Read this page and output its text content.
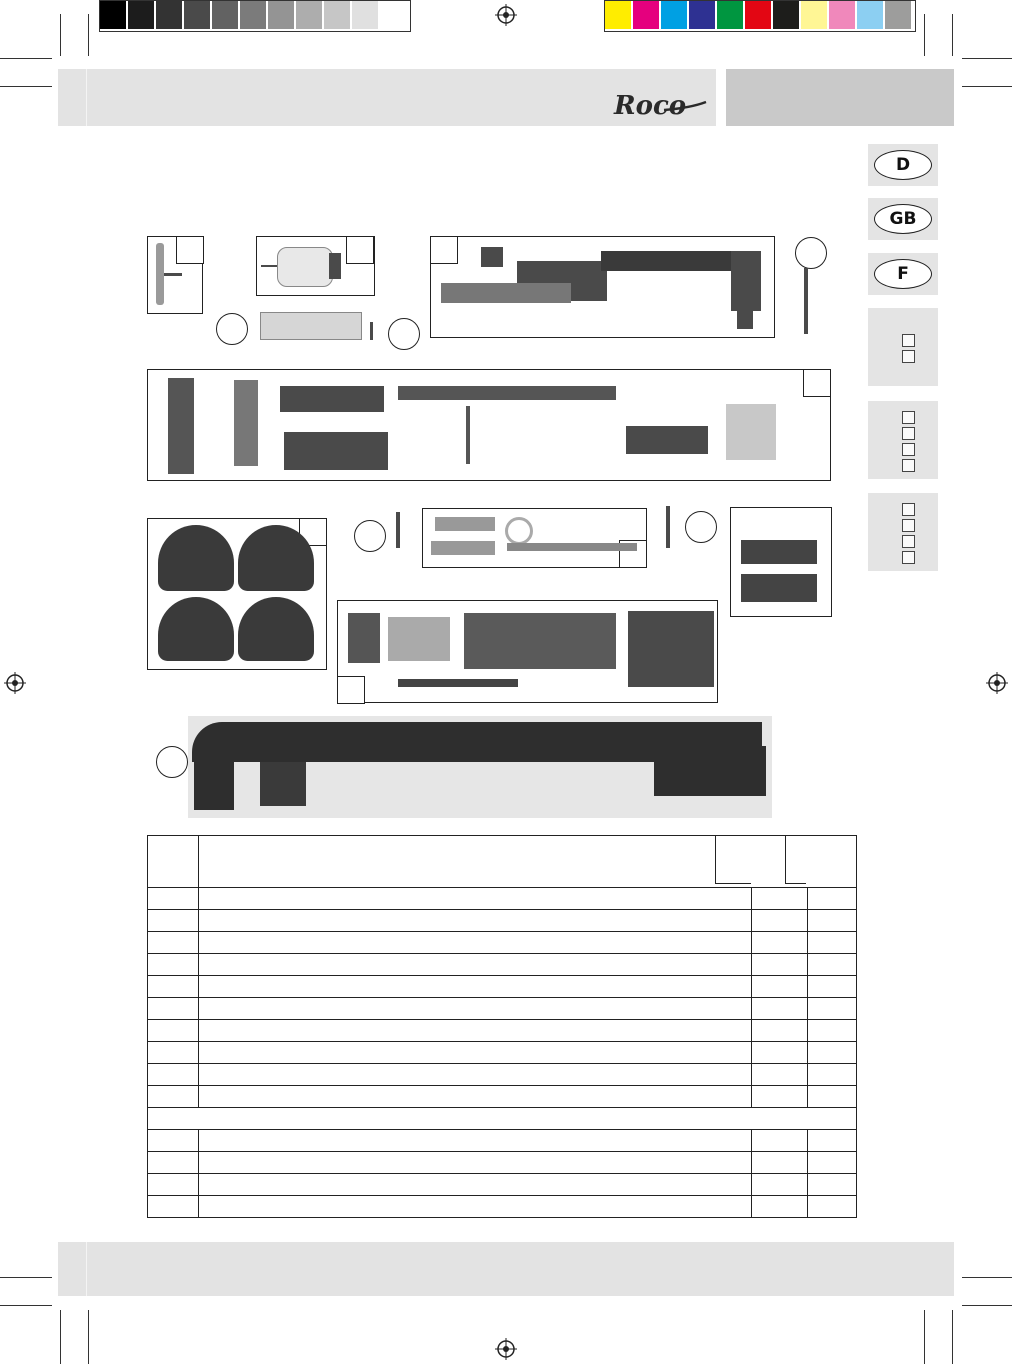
Roco
D
GB
F
